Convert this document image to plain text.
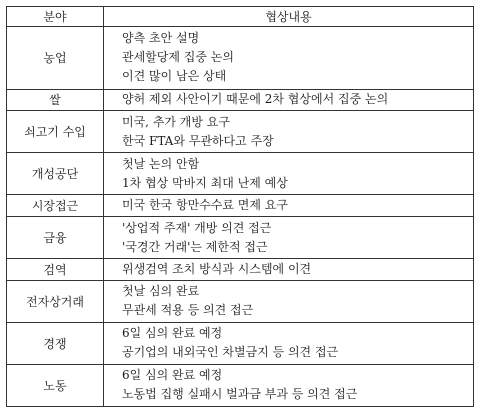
분야	협상내용
농업	양측 초안 설명
관세할당제 집중 논의
이견 많이 남은 상태

쌀	양허 제외 사안이기 때문에 2차 협상에서 집중 논의

쇠고기 수입	미국, 추가 개방 요구
한국 FTA와 무관하다고 주장

개성공단	첫날 논의 안함
1차 협상 막바지 최대 난제 예상

시장접근	미국 한국 항만수수료 면제 요구

금융	'상업적 주재' 개방 의견 접근
'국경간 거래'는 제한적 접근

검역	위생검역 조치 방식과 시스템에 이견

전자상거래	첫날 심의 완료
무관세 적용 등 의견 접근

경쟁	6일 심의 완료 예정
공기업의 내외국인 차별금지 등 의견 접근

노동	6일 심의 완료 예정
노동법 집행 실패시 벌과금 부과 등 의견 접근
